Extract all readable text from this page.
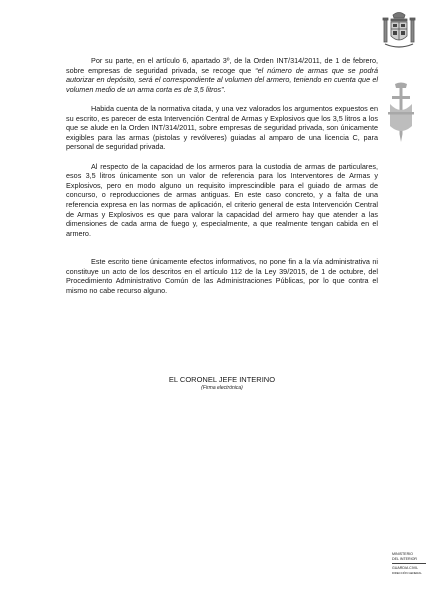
Por su parte, en el artículo 6, apartado 3º, de la Orden INT/314/2011, de 1 de febrero, sobre empresas de seguridad privada, se recoge que “el número de armas que se podrá autorizar en depósito, será el correspondiente al volumen del armero, teniendo en cuenta que el volumen medio de un arma corta es de 3,5 litros”.

Habida cuenta de la normativa citada, y una vez valorados los argumentos expuestos en su escrito, es parecer de esta Intervención Central de Armas y Explosivos que los 3,5 litros a los que se alude en la Orden INT/314/2011, sobre empresas de seguridad privada, son únicamente exigibles para las armas (pistolas y revólveres) guiadas al amparo de una licencia C, para personal de seguridad privada.

Al respecto de la capacidad de los armeros para la custodia de armas de particulares, esos 3,5 litros únicamente son un valor de referencia para los Interventores de Armas y Explosivos, pero en modo alguno un requisito imprescindible para el guiado de armas de concurso, o reproducciones de armas antiguas. En este caso concreto, y a falta de una referencia expresa en las normas de aplicación, el criterio general de esta Intervención Central de Armas y Explosivos es que para valorar la capacidad del armero hay que atender a las dimensiones de cada arma de fuego y, especialmente, a que realmente tengan cabida en el armero.

Este escrito tiene únicamente efectos informativos, no pone fin a la vía administrativa ni constituye un acto de los descritos en el artículo 112 de la Ley 39/2015, de 1 de octubre, del Procedimiento Administrativo Común de las Administraciones Públicas, por lo que contra el mismo no cabe recurso alguno.

EL CORONEL JEFE INTERINO
(Firma electrónica)
MINISTERIO
DEL INTERIOR
GUARDIA CIVIL
DIRECCIÓN GENERAL
